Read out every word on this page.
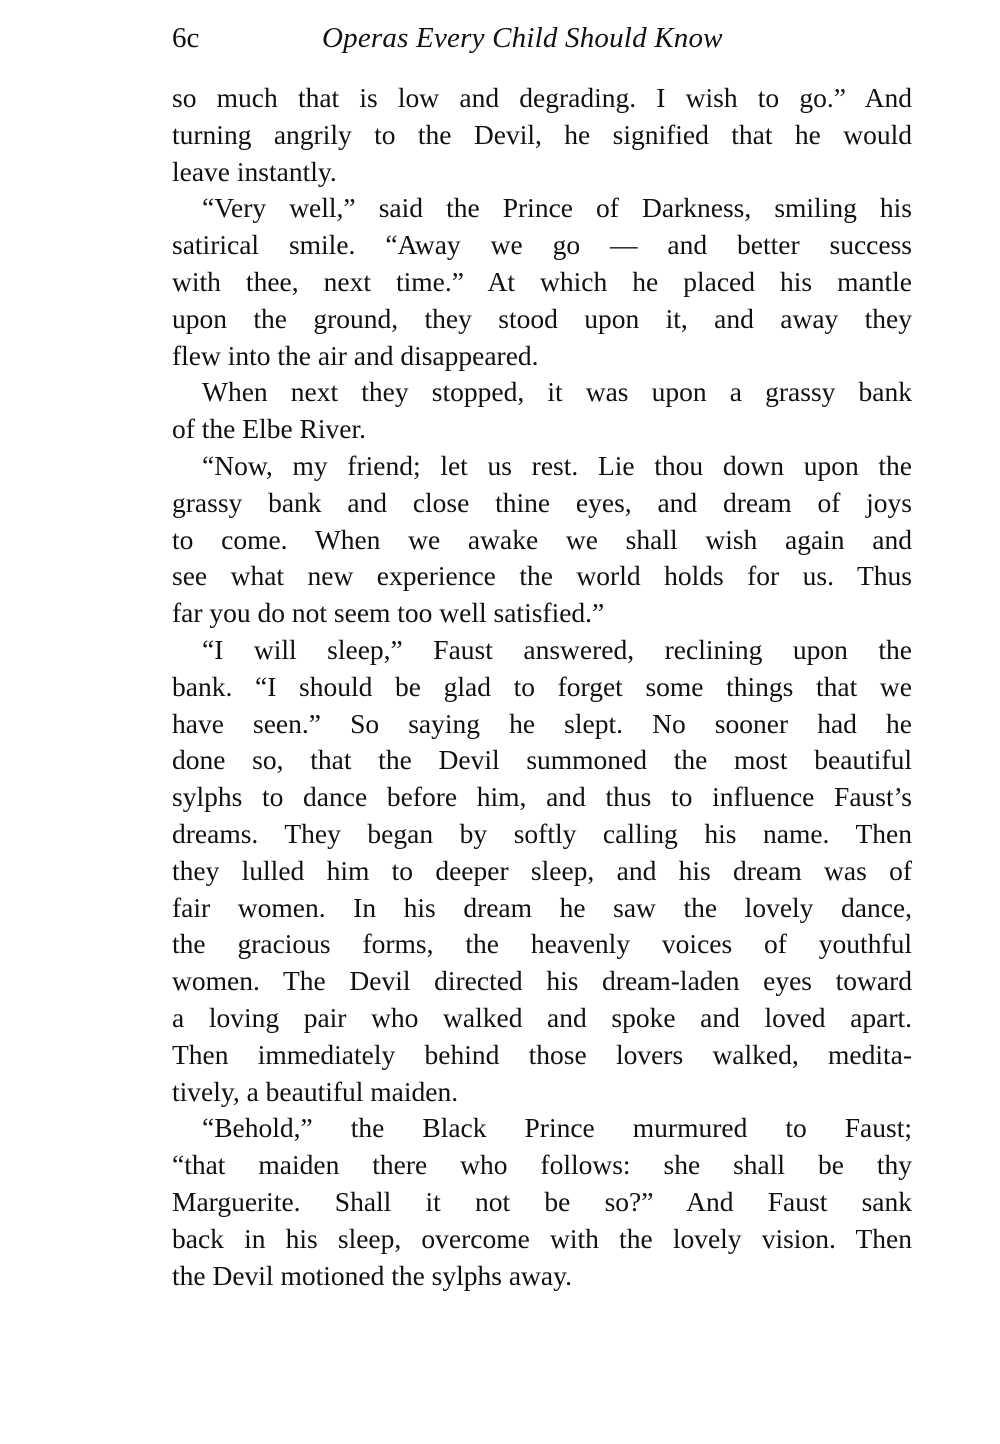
6c	Operas Every Child Should Know
so much that is low and degrading. I wish to go.” And
turning angrily to the Devil, he signified that he would
leave instantly.
“Very well,” said the Prince of Darkness, smiling his
satirical smile. “Away we go — and better success
with thee, next time.” At which he placed his mantle
upon the ground, they stood upon it, and away they
flew into the air and disappeared.
When next they stopped, it was upon a grassy bank
of the Elbe River.
“Now, my friend; let us rest. Lie thou down upon the
grassy bank and close thine eyes, and dream of joys
to come. When we awake we shall wish again and
see what new experience the world holds for us. Thus
far you do not seem too well satisfied.”
“I will sleep,” Faust answered, reclining upon the
bank. “I should be glad to forget some things that we
have seen.” So saying he slept. No sooner had he
done so, that the Devil summoned the most beautiful
sylphs to dance before him, and thus to influence Faust’s
dreams. They began by softly calling his name. Then
they lulled him to deeper sleep, and his dream was of
fair women. In his dream he saw the lovely dance,
the gracious forms, the heavenly voices of youthful
women. The Devil directed his dream-laden eyes toward
a loving pair who walked and spoke and loved apart.
Then immediately behind those lovers walked, medita-
tively, a beautiful maiden.
“Behold,” the Black Prince murmured to Faust;
“that maiden there who follows: she shall be thy
Marguerite. Shall it not be so?” And Faust sank
back in his sleep, overcome with the lovely vision. Then
the Devil motioned the sylphs away.
